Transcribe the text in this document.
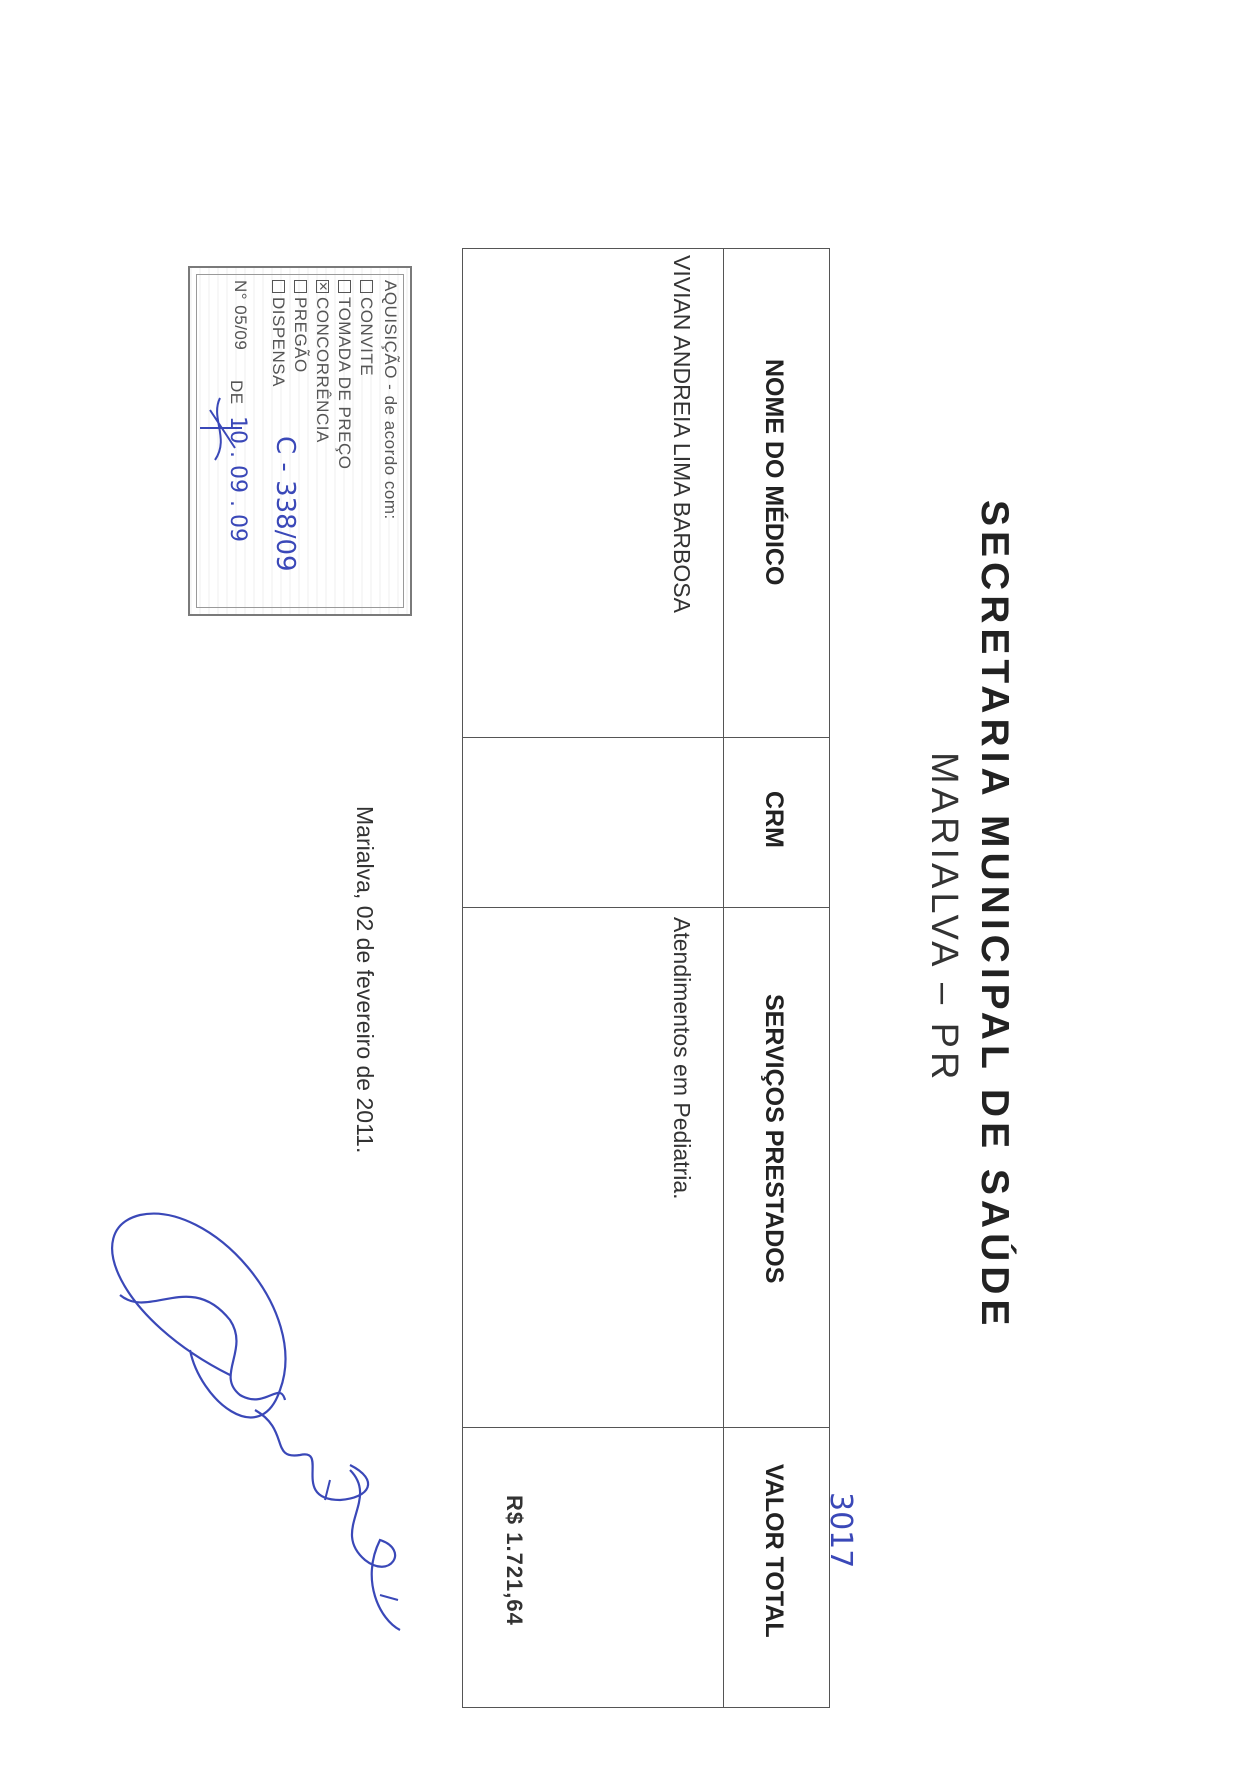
SECRETARIA MUNICIPAL DE SAÚDE
MARIALVA – PR
3017
NOME DO MÉDICO
CRM
SERVIÇOS PRESTADOS
VALOR TOTAL
VIVIAN ANDREIA LIMA BARBOSA
Atendimentos em Pediatria.
R$ 1.721,64
Marialva, 02 de fevereiro de 2011.
AQUISIÇÃO - de acordo com:
CONVITE
TOMADA DE PREÇO
✕CONCORRÊNCIA
PREGÃO
DISPENSA
C - 338/09
N° 05/09
DE
10 . 09 . 09
